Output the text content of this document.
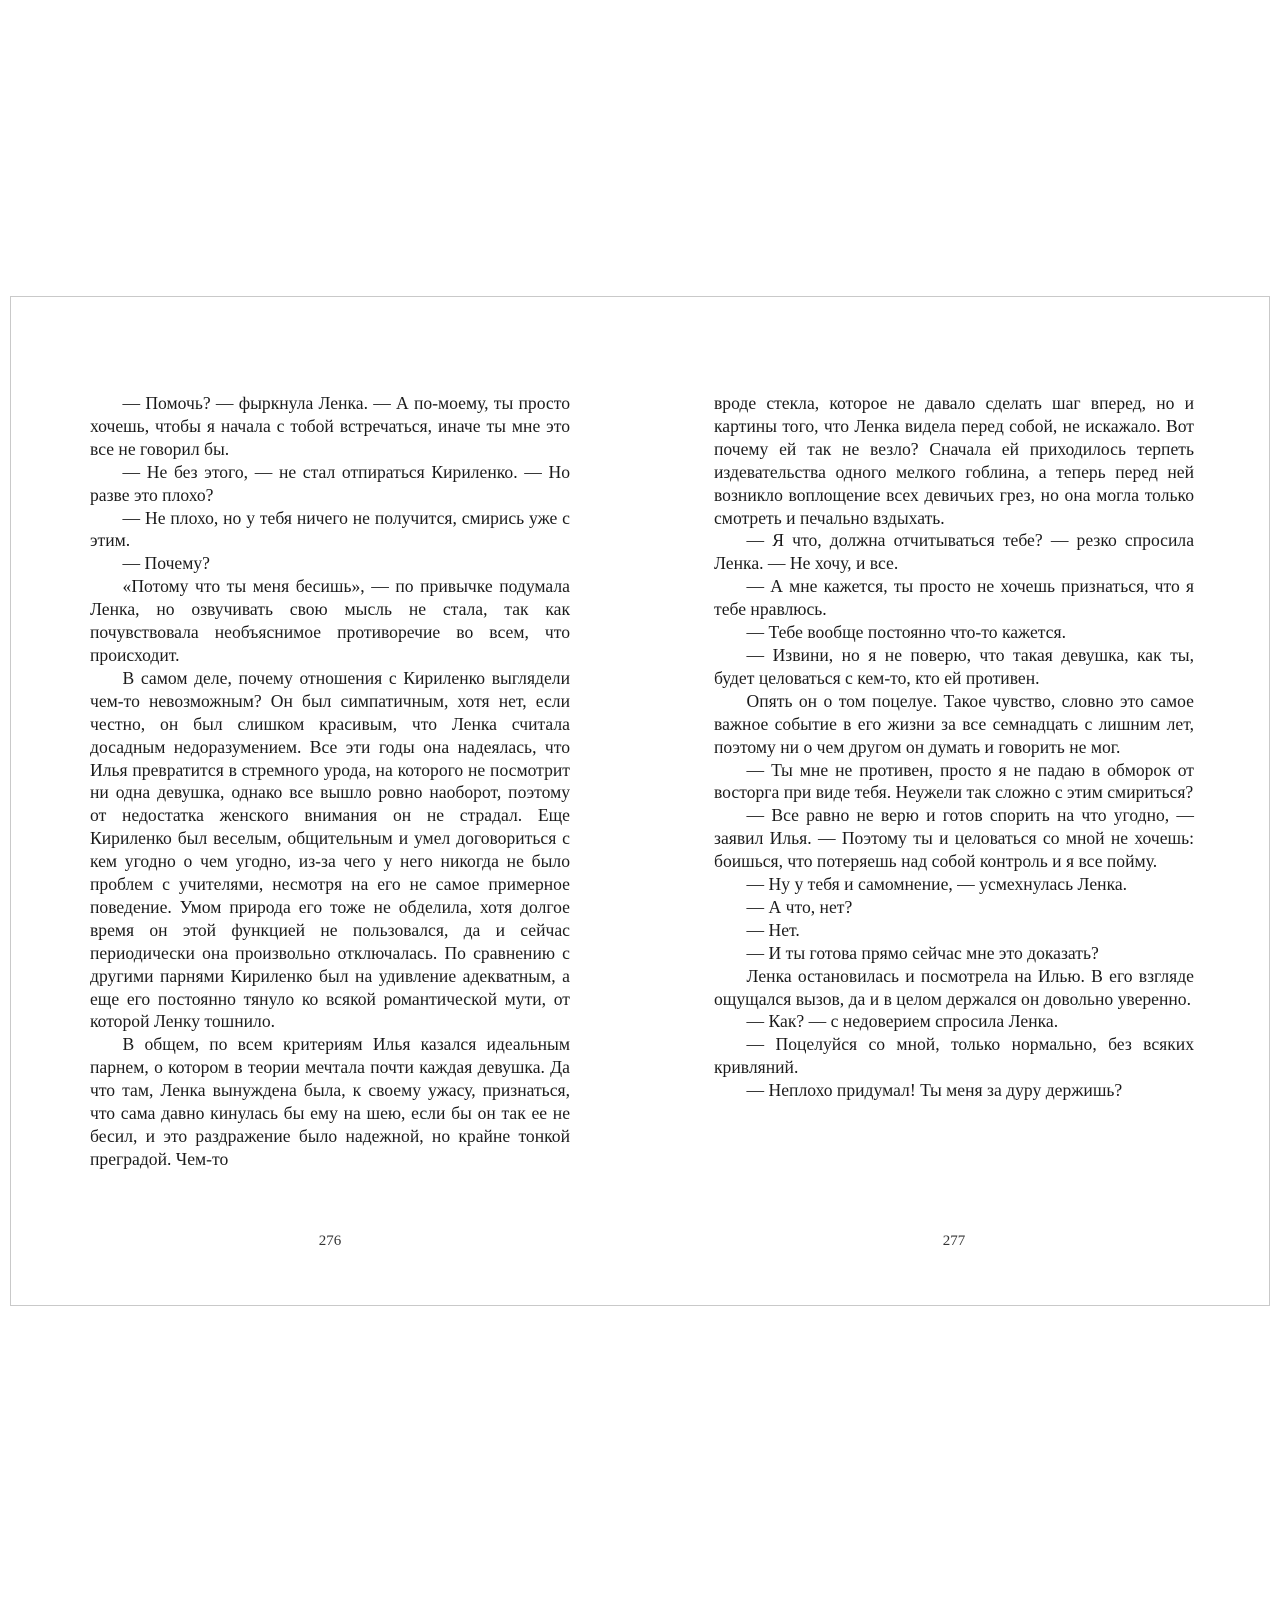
— Помочь? — фыркнула Ленка. — А по-моему, ты просто хочешь, чтобы я начала с тобой встречаться, иначе ты мне это все не говорил бы.

— Не без этого, — не стал отпираться Кириленко. — Но разве это плохо?

— Не плохо, но у тебя ничего не получится, смирись уже с этим.

— Почему?

«Потому что ты меня бесишь», — по привычке подумала Ленка, но озвучивать свою мысль не стала, так как почувствовала необъяснимое противоречие во всем, что происходит.

В самом деле, почему отношения с Кириленко выглядели чем-то невозможным? Он был симпатичным, хотя нет, если честно, он был слишком красивым, что Ленка считала досадным недоразумением. Все эти годы она надеялась, что Илья превратится в стремного урода, на которого не посмотрит ни одна девушка, однако все вышло ровно наоборот, поэтому от недостатка женского внимания он не страдал. Еще Кириленко был веселым, общительным и умел договориться с кем угодно о чем угодно, из-за чего у него никогда не было проблем с учителями, несмотря на его не самое примерное поведение. Умом природа его тоже не обделила, хотя долгое время он этой функцией не пользовался, да и сейчас периодически она произвольно отключалась. По сравнению с другими парнями Кириленко был на удивление адекватным, а еще его постоянно тянуло ко всякой романтической мути, от которой Ленку тошнило.

В общем, по всем критериям Илья казался идеальным парнем, о котором в теории мечтала почти каждая девушка. Да что там, Ленка вынуждена была, к своему ужасу, признаться, что сама давно кинулась бы ему на шею, если бы он так ее не бесил, и это раздражение было надежной, но крайне тонкой преградой. Чем-то

вроде стекла, которое не давало сделать шаг вперед, но и картины того, что Ленка видела перед собой, не искажало. Вот почему ей так не везло? Сначала ей приходилось терпеть издевательства одного мелкого гоблина, а теперь перед ней возникло воплощение всех девичьих грез, но она могла только смотреть и печально вздыхать.

— Я что, должна отчитываться тебе? — резко спросила Ленка. — Не хочу, и все.

— А мне кажется, ты просто не хочешь признаться, что я тебе нравлюсь.

— Тебе вообще постоянно что-то кажется.

— Извини, но я не поверю, что такая девушка, как ты, будет целоваться с кем-то, кто ей противен.

Опять он о том поцелуе. Такое чувство, словно это самое важное событие в его жизни за все семнадцать с лишним лет, поэтому ни о чем другом он думать и говорить не мог.

— Ты мне не противен, просто я не падаю в обморок от восторга при виде тебя. Неужели так сложно с этим смириться?

— Все равно не верю и готов спорить на что угодно, — заявил Илья. — Поэтому ты и целоваться со мной не хочешь: боишься, что потеряешь над собой контроль и я все пойму.

— Ну у тебя и самомнение, — усмехнулась Ленка.

— А что, нет?

— Нет.

— И ты готова прямо сейчас мне это доказать?

Ленка остановилась и посмотрела на Илью. В его взгляде ощущался вызов, да и в целом держался он довольно уверенно.

— Как? — с недоверием спросила Ленка.

— Поцелуйся со мной, только нормально, без всяких кривляний.

— Неплохо придумал! Ты меня за дуру держишь?

276	277
